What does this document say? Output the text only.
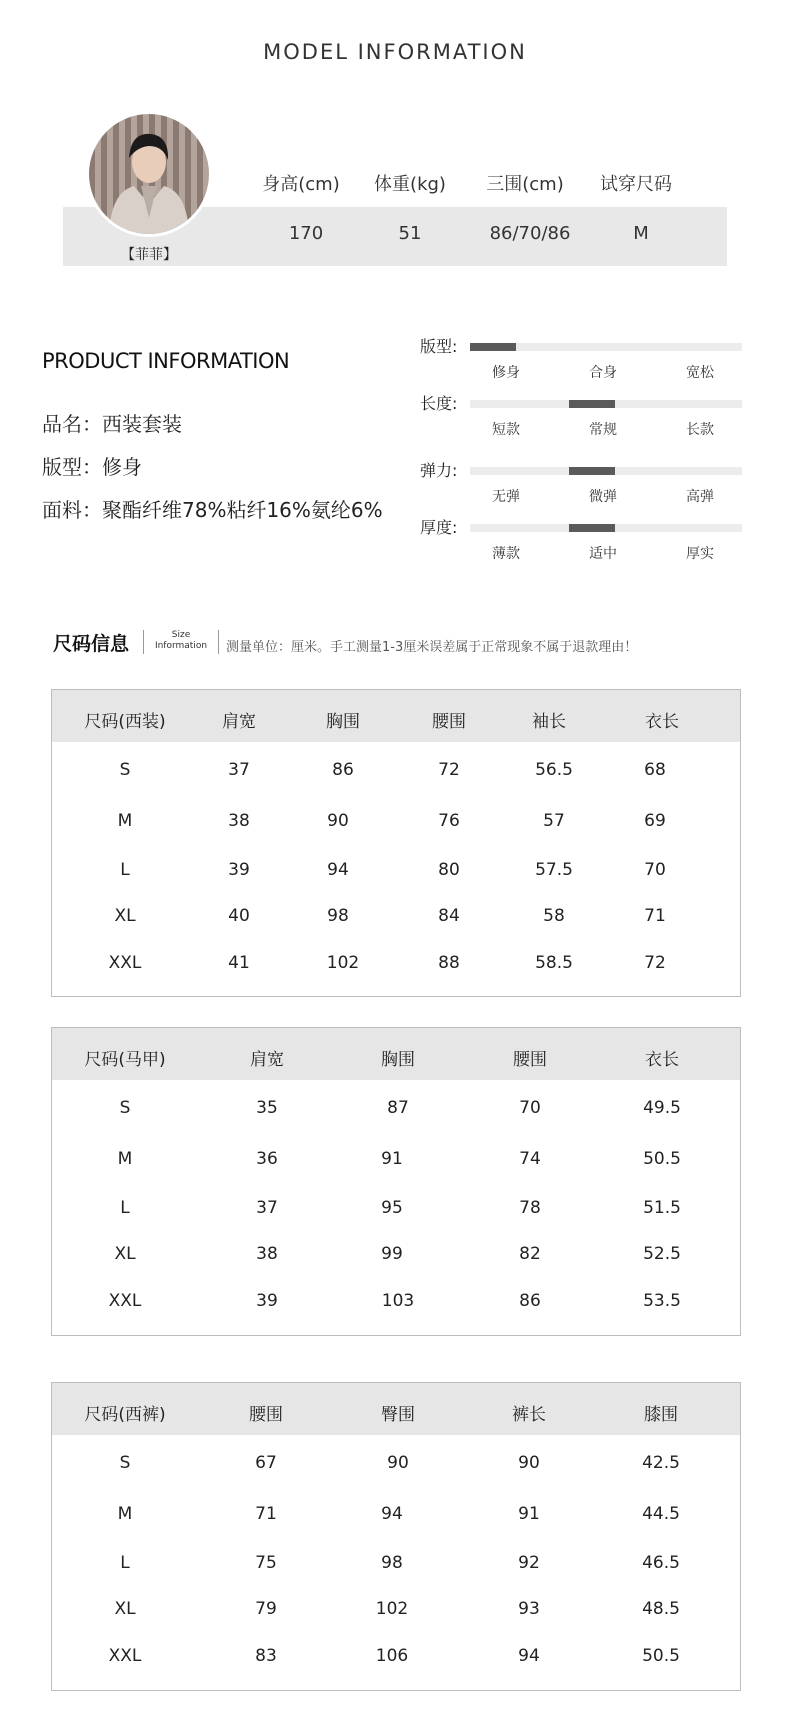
MODEL INFORMATION
【菲菲】
身高(cm)	体重(kg)	三围(cm)	试穿尺码
170	51	86/70/86	M
PRODUCT INFORMATION
品名：西装套装
版型：修身
面料：聚酯纤维78%粘纤16%氨纶6%
版型:
修身	合身	宽松
长度:
短款	常规	长款
弹力:
无弹	微弹	高弹
厚度:
薄款	适中	厚实
尺码信息	Size
Information	测量单位：厘米。手工测量1-3厘米误差属于正常现象不属于退款理由！
尺码(西装)	肩宽	胸围	腰围	袖长	衣长
S	37	86	72	56.5	68
M	38	90	76	57	69
L	39	94	80	57.5	70
XL	40	98	84	58	71
XXL	41	102	88	58.5	72
尺码(马甲)	肩宽	胸围	腰围	衣长
S	35	87	70	49.5
M	36	91	74	50.5
L	37	95	78	51.5
XL	38	99	82	52.5
XXL	39	103	86	53.5
尺码(西裤)	腰围	臀围	裤长	膝围
S	67	90	90	42.5
M	71	94	91	44.5
L	75	98	92	46.5
XL	79	102	93	48.5
XXL	83	106	94	50.5
